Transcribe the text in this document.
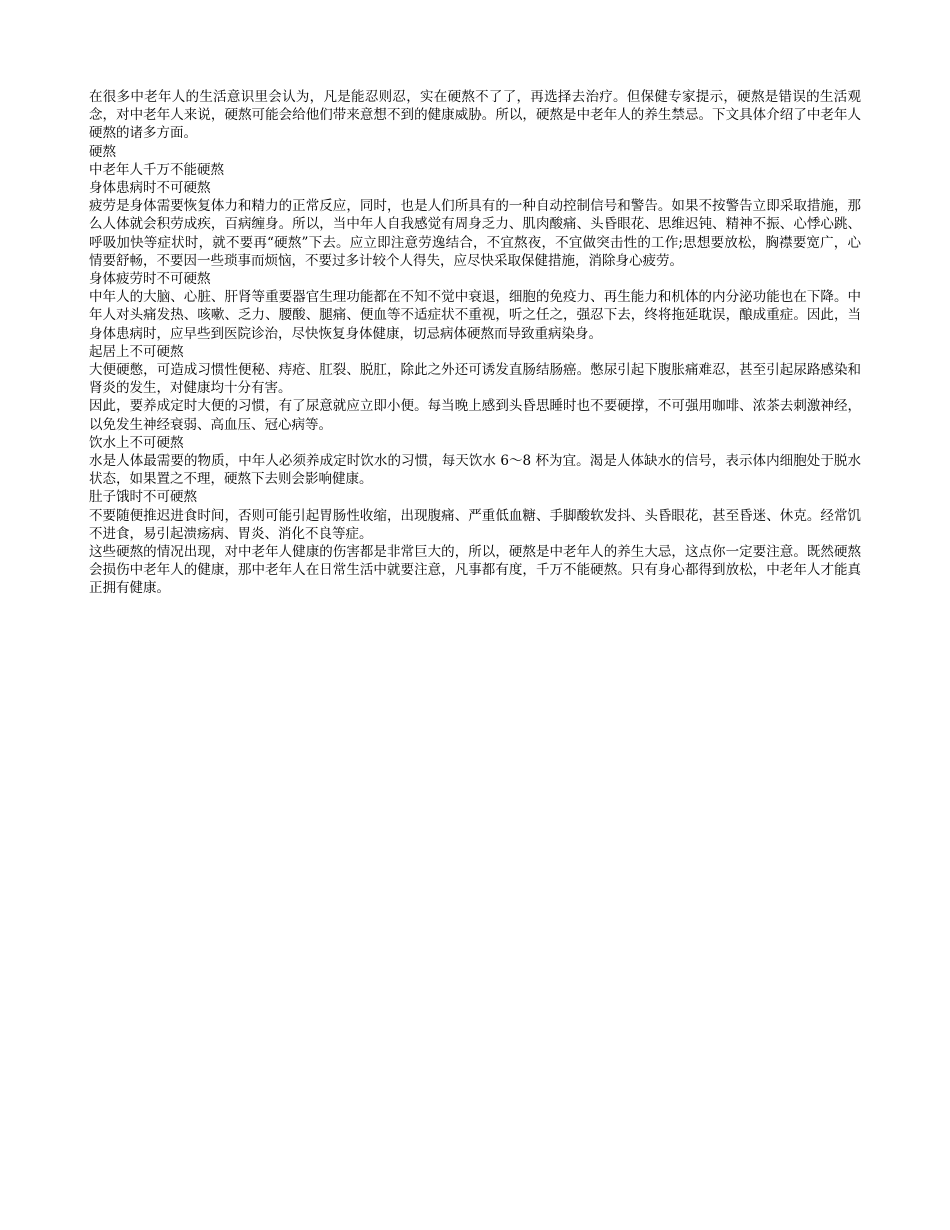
在很多中老年人的生活意识里会认为，凡是能忍则忍，实在硬熬不了了，再选择去治疗。但保健专家提示，硬熬是错误的生活观念，对中老年人来说，硬熬可能会给他们带来意想不到的健康威胁。所以，硬熬是中老年人的养生禁忌。下文具体介绍了中老年人硬熬的诸多方面。

硬熬

中老年人千万不能硬熬

身体患病时不可硬熬

疲劳是身体需要恢复体力和精力的正常反应，同时，也是人们所具有的一种自动控制信号和警告。如果不按警告立即采取措施，那么人体就会积劳成疾，百病缠身。所以，当中年人自我感觉有周身乏力、肌肉酸痛、头昏眼花、思维迟钝、精神不振、心悸心跳、呼吸加快等症状时，就不要再“硬熬”下去。应立即注意劳逸结合，不宜熬夜，不宜做突击性的工作;思想要放松，胸襟要宽广，心情要舒畅，不要因一些琐事而烦恼，不要过多计较个人得失，应尽快采取保健措施，消除身心疲劳。

身体疲劳时不可硬熬

中年人的大脑、心脏、肝肾等重要器官生理功能都在不知不觉中衰退，细胞的免疫力、再生能力和机体的内分泌功能也在下降。中年人对头痛发热、咳嗽、乏力、腰酸、腿痛、便血等不适症状不重视，听之任之，强忍下去，终将拖延耽误，酿成重症。因此，当身体患病时，应早些到医院诊治，尽快恢复身体健康，切忌病体硬熬而导致重病染身。

起居上不可硬熬

大便硬憋，可造成习惯性便秘、痔疮、肛裂、脱肛，除此之外还可诱发直肠结肠癌。憋尿引起下腹胀痛难忍，甚至引起尿路感染和肾炎的发生，对健康均十分有害。

因此，要养成定时大便的习惯，有了尿意就应立即小便。每当晚上感到头昏思睡时也不要硬撑，不可强用咖啡、浓茶去刺激神经，以免发生神经衰弱、高血压、冠心病等。

饮水上不可硬熬

水是人体最需要的物质，中年人必须养成定时饮水的习惯，每天饮水 6～8 杯为宜。渴是人体缺水的信号，表示体内细胞处于脱水状态，如果置之不理，硬熬下去则会影响健康。

肚子饿时不可硬熬

不要随便推迟进食时间，否则可能引起胃肠性收缩，出现腹痛、严重低血糖、手脚酸软发抖、头昏眼花，甚至昏迷、休克。经常饥不进食，易引起溃疡病、胃炎、消化不良等症。

这些硬熬的情况出现，对中老年人健康的伤害都是非常巨大的，所以，硬熬是中老年人的养生大忌，这点你一定要注意。既然硬熬会损伤中老年人的健康，那中老年人在日常生活中就要注意，凡事都有度，千万不能硬熬。只有身心都得到放松，中老年人才能真正拥有健康。
